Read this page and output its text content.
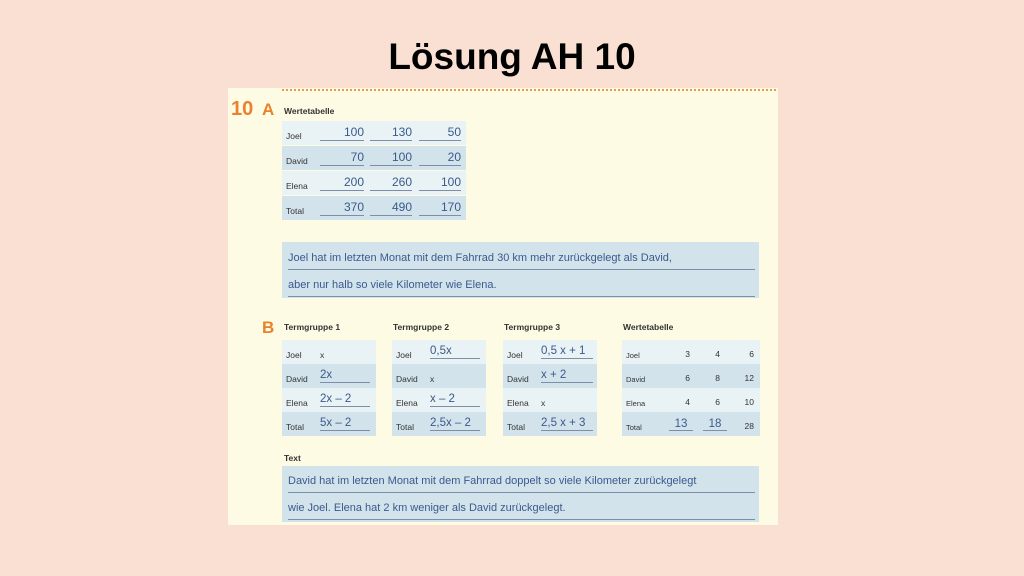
Lösung AH 10
10 A Wertetabelle
Joel	100	130	50
David	70	100	20
Elena	200	260	100
Total	370	490	170
Joel hat im letzten Monat mit dem Fahrrad 30 km mehr zurückgelegt als David,
aber nur halb so viele Kilometer wie Elena.
B Termgruppe 1
Joel x
David 2x
Elena 2x – 2
Total 5x – 2
Termgruppe 2
Joel 0,5x
David x
Elena x – 2
Total 2,5x – 2
Termgruppe 3
Joel 0,5 x + 1
David x + 2
Elena x
Total 2,5 x + 3
Wertetabelle
Joel	3	4	6
David	6	8	12
Elena	4	6	10
Total	13	18	28
Text
David hat im letzten Monat mit dem Fahrrad doppelt so viele Kilometer zurückgelegt
wie Joel. Elena hat 2 km weniger als David zurückgelegt.
